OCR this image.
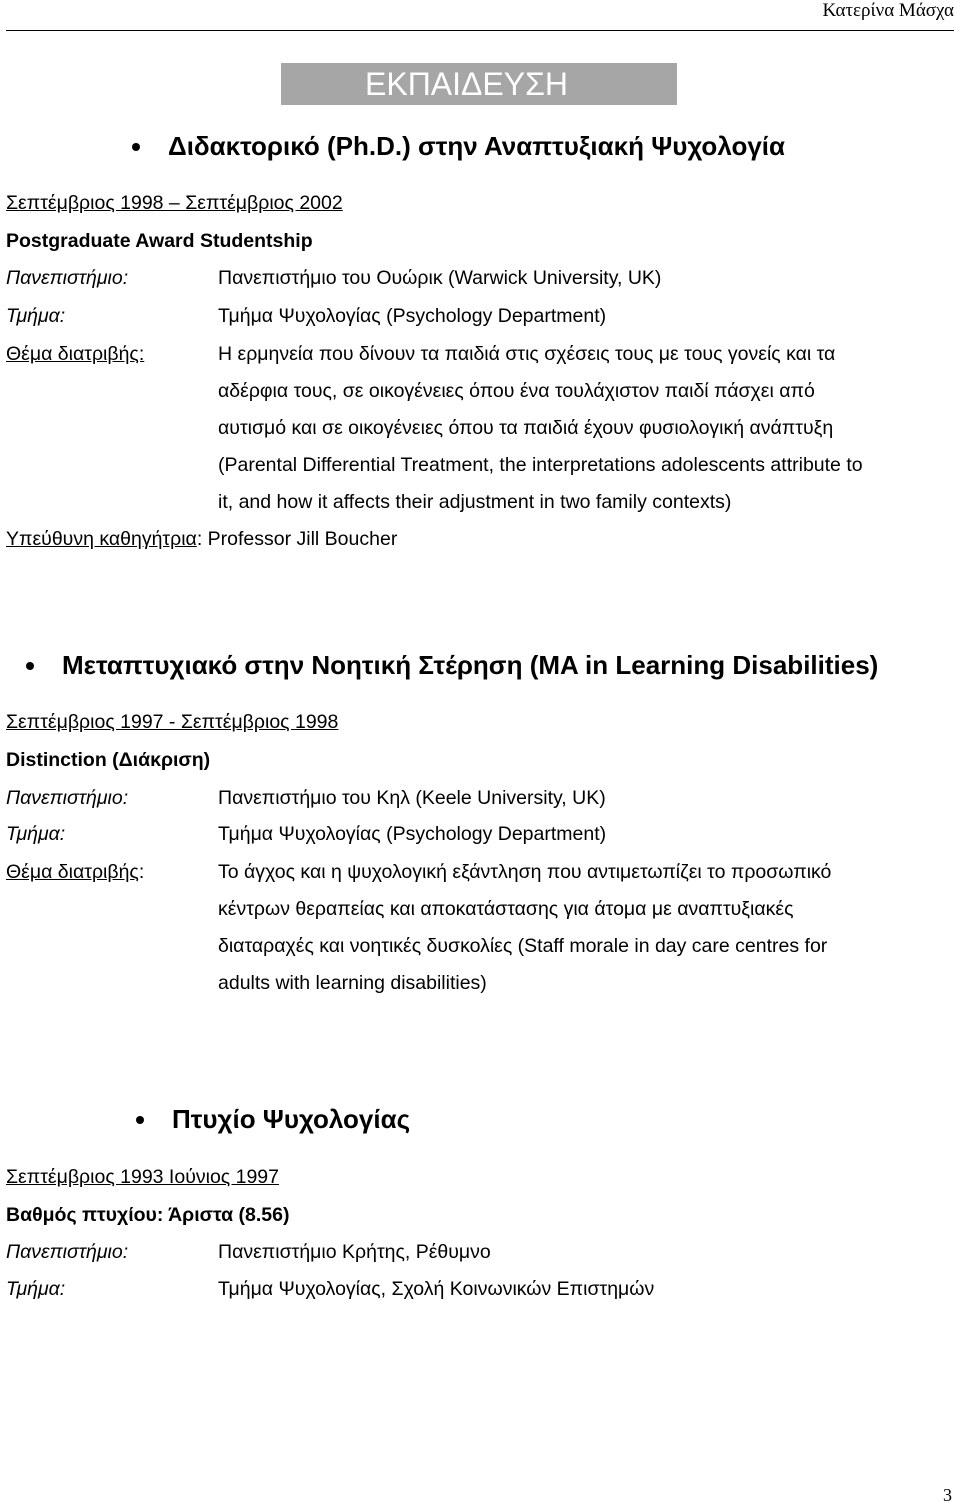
Κατερίνα Μάσχα
ΕΚΠΑΙΔΕΥΣΗ
Διδακτορικό (Ph.D.) στην Αναπτυξιακή Ψυχολογία
Σεπτέμβριος 1998 – Σεπτέμβριος 2002
Postgraduate Award Studentship
Πανεπιστήμιο:	Πανεπιστήμιο του Ουώρικ (Warwick University, UK)
Τμήμα:	Τμήμα Ψυχολογίας (Psychology Department)
Θέμα διατριβής:	Η ερμηνεία που δίνουν τα παιδιά στις σχέσεις τους με τους γονείς και τα
αδέρφια τους, σε οικογένειες όπου ένα τουλάχιστον παιδί πάσχει από
αυτισμό και σε οικογένειες όπου τα παιδιά έχουν φυσιολογική ανάπτυξη
(Parental Differential Treatment, the interpretations adolescents attribute to
it, and how it affects their adjustment in two family contexts)
Υπεύθυνη καθηγήτρια: Professor Jill Boucher
Μεταπτυχιακό στην Νοητική Στέρηση (MA in Learning Disabilities)
Σεπτέμβριος 1997 - Σεπτέμβριος 1998
Distinction (Διάκριση)
Πανεπιστήμιο:	Πανεπιστήμιο του Κηλ (Keele University, UK)
Τμήμα:	Τμήμα Ψυχολογίας (Psychology Department)
Θέμα διατριβής:	Το άγχος και η ψυχολογική εξάντληση που αντιμετωπίζει το προσωπικό
κέντρων θεραπείας και αποκατάστασης για άτομα με αναπτυξιακές
διαταραχές και νοητικές δυσκολίες (Staff morale in day care centres for
adults with learning disabilities)
Πτυχίο Ψυχολογίας
Σεπτέμβριος 1993 Ιούνιος 1997
Βαθμός πτυχίου: Άριστα (8.56)
Πανεπιστήμιο:	Πανεπιστήμιο Κρήτης, Ρέθυμνο
Τμήμα:	Τμήμα Ψυχολογίας, Σχολή Κοινωνικών Επιστημών
3
